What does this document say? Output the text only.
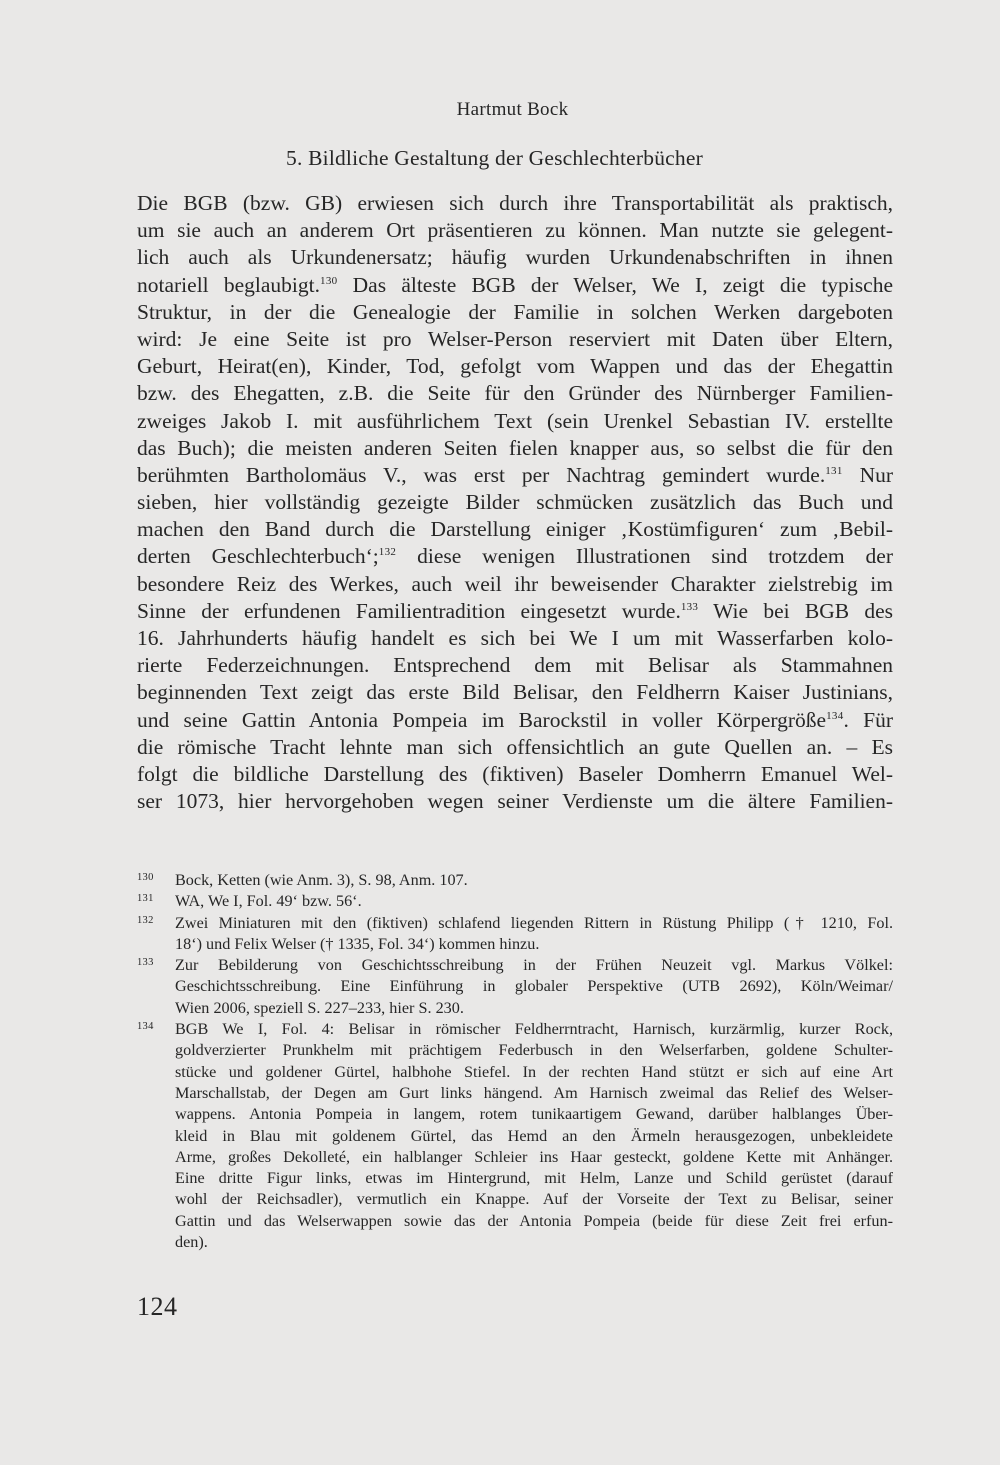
Hartmut Bock
5. Bildliche Gestaltung der Geschlechterbücher
Die BGB (bzw. GB) erwiesen sich durch ihre Transportabilität als praktisch,
um sie auch an anderem Ort präsentieren zu können. Man nutzte sie gelegent-
lich auch als Urkundenersatz; häufig wurden Urkundenabschriften in ihnen
notariell beglaubigt.$^{130}$ Das älteste BGB der Welser, We I, zeigt die typische
Struktur, in der die Genealogie der Familie in solchen Werken dargeboten
wird: Je eine Seite ist pro Welser-Person reserviert mit Daten über Eltern,
Geburt, Heirat(en), Kinder, Tod, gefolgt vom Wappen und das der Ehegattin
bzw. des Ehegatten, z.B. die Seite für den Gründer des Nürnberger Familien-
zweiges Jakob I. mit ausführlichem Text (sein Urenkel Sebastian IV. erstellte
das Buch); die meisten anderen Seiten fielen knapper aus, so selbst die für den
berühmten Bartholomäus V., was erst per Nachtrag gemindert wurde.$^{131}$ Nur
sieben, hier vollständig gezeigte Bilder schmücken zusätzlich das Buch und
machen den Band durch die Darstellung einiger ‚Kostümfiguren‘ zum ‚Bebil-
derten Geschlechterbuch‘;$^{132}$ diese wenigen Illustrationen sind trotzdem der
besondere Reiz des Werkes, auch weil ihr beweisender Charakter zielstrebig im
Sinne der erfundenen Familientradition eingesetzt wurde.$^{133}$ Wie bei BGB des
16. Jahrhunderts häufig handelt es sich bei We I um mit Wasserfarben kolo-
rierte Federzeichnungen. Entsprechend dem mit Belisar als Stammahnen
beginnenden Text zeigt das erste Bild Belisar, den Feldherrn Kaiser Justinians,
und seine Gattin Antonia Pompeia im Barockstil in voller Körpergröße$^{134}$. Für
die römische Tracht lehnte man sich offensichtlich an gute Quellen an. – Es
folgt die bildliche Darstellung des (fiktiven) Baseler Domherrn Emanuel Wel-
ser 1073, hier hervorgehoben wegen seiner Verdienste um die ältere Familien-
130 Bock, Ketten (wie Anm. 3), S. 98, Anm. 107.
131 WA, We I, Fol. 49‘ bzw. 56‘.
132 Zwei Miniaturen mit den (fiktiven) schlafend liegenden Rittern in Rüstung Philipp († 1210, Fol.
18‘) und Felix Welser († 1335, Fol. 34‘) kommen hinzu.
133 Zur Bebilderung von Geschichtsschreibung in der Frühen Neuzeit vgl. Markus Völkel:
Geschichtsschreibung. Eine Einführung in globaler Perspektive (UTB 2692), Köln/Weimar/
Wien 2006, speziell S. 227–233, hier S. 230.
134 BGB We I, Fol. 4: Belisar in römischer Feldherrntracht, Harnisch, kurzärmlig, kurzer Rock,
goldverzierter Prunkhelm mit prächtigem Federbusch in den Welserfarben, goldene Schulter-
stücke und goldener Gürtel, halbhohe Stiefel. In der rechten Hand stützt er sich auf eine Art
Marschallstab, der Degen am Gurt links hängend. Am Harnisch zweimal das Relief des Welser-
wappens. Antonia Pompeia in langem, rotem tunikaartigem Gewand, darüber halblanges Über-
kleid in Blau mit goldenem Gürtel, das Hemd an den Ärmeln herausgezogen, unbekleidete
Arme, großes Dekolleté, ein halblanger Schleier ins Haar gesteckt, goldene Kette mit Anhänger.
Eine dritte Figur links, etwas im Hintergrund, mit Helm, Lanze und Schild gerüstet (darauf
wohl der Reichsadler), vermutlich ein Knappe. Auf der Vorseite der Text zu Belisar, seiner
Gattin und das Welserwappen sowie das der Antonia Pompeia (beide für diese Zeit frei erfun-
den).
124
